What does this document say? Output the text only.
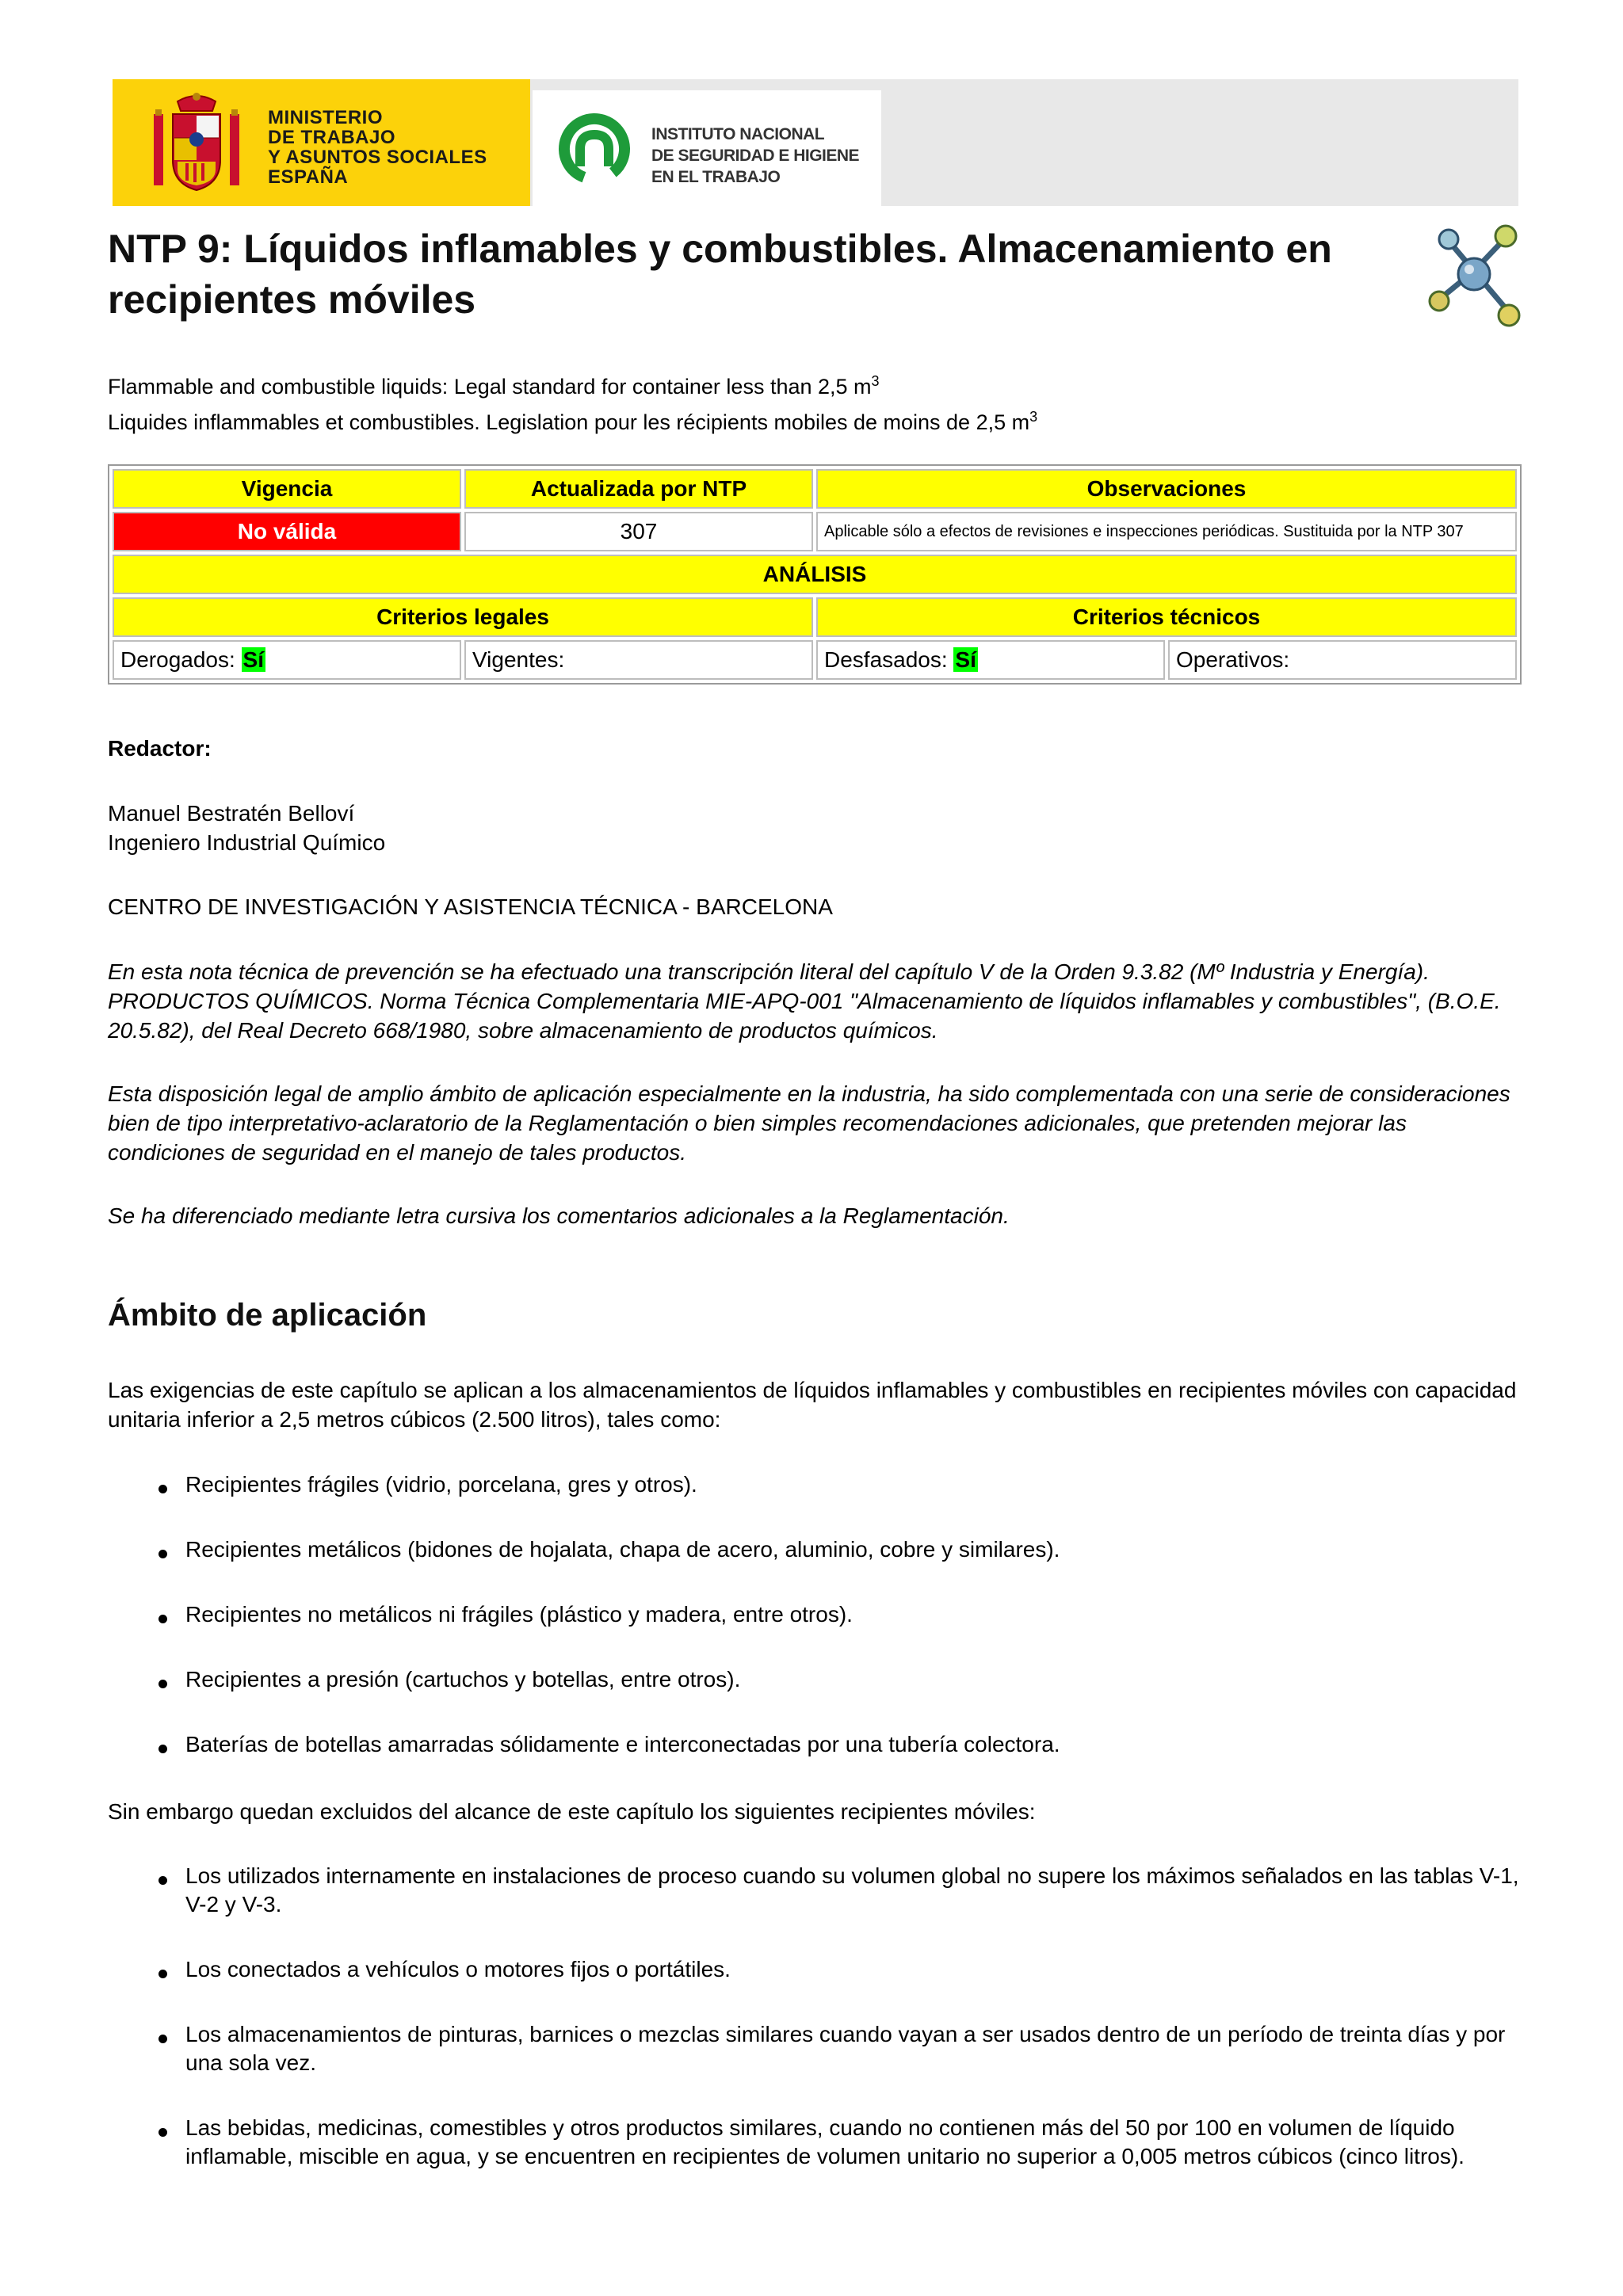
MINISTERIO
DE TRABAJO
Y ASUNTOS SOCIALES
ESPAÑA
INSTITUTO NACIONAL
DE SEGURIDAD E HIGIENE
EN EL TRABAJO
NTP 9: Líquidos inflamables y combustibles. Almacenamiento en recipientes móviles
Flammable and combustible liquids: Legal standard for container less than 2,5 $m^3$
Liquides inflammables et combustibles. Legislation pour les récipients mobiles de moins de 2,5 $m^3$
Vigencia	Actualizada por NTP	Observaciones	
No válida	307	Aplicable sólo a efectos de revisiones e inspecciones periódicas. Sustituida por la NTP 307	
ANÁLISIS			
Criterios legales		Criterios técnicos	
Derogados: Sí	Vigentes:	Desfasados: Sí	Operativos:

Redactor:

Manuel Bestratén Belloví
Ingeniero Industrial Químico

CENTRO DE INVESTIGACIÓN Y ASISTENCIA TÉCNICA - BARCELONA

En esta nota técnica de prevención se ha efectuado una transcripción literal del capítulo V de la Orden 9.3.82 (Mº Industria y Energía). PRODUCTOS QUÍMICOS. Norma Técnica Complementaria MIE-APQ-001 "Almacenamiento de líquidos inflamables y combustibles", (B.O.E. 20.5.82), del Real Decreto 668/1980, sobre almacenamiento de productos químicos.

Esta disposición legal de amplio ámbito de aplicación especialmente en la industria, ha sido complementada con una serie de consideraciones bien de tipo interpretativo-aclaratorio de la Reglamentación o bien simples recomendaciones adicionales, que pretenden mejorar las condiciones de seguridad en el manejo de tales productos.

Se ha diferenciado mediante letra cursiva los comentarios adicionales a la Reglamentación.

Ámbito de aplicación

Las exigencias de este capítulo se aplican a los almacenamientos de líquidos inflamables y combustibles en recipientes móviles con capacidad unitaria inferior a 2,5 metros cúbicos (2.500 litros), tales como:

Recipientes frágiles (vidrio, porcelana, gres y otros).
Recipientes metálicos (bidones de hojalata, chapa de acero, aluminio, cobre y similares).
Recipientes no metálicos ni frágiles (plástico y madera, entre otros).
Recipientes a presión (cartuchos y botellas, entre otros).
Baterías de botellas amarradas sólidamente e interconectadas por una tubería colectora.

Sin embargo quedan excluidos del alcance de este capítulo los siguientes recipientes móviles:

Los utilizados internamente en instalaciones de proceso cuando su volumen global no supere los máximos señalados en las tablas V-1, V-2 y V-3.
Los conectados a vehículos o motores fijos o portátiles.
Los almacenamientos de pinturas, barnices o mezclas similares cuando vayan a ser usados dentro de un período de treinta días y por una sola vez.
Las bebidas, medicinas, comestibles y otros productos similares, cuando no contienen más del 50 por 100 en volumen de líquido inflamable, miscible en agua, y se encuentren en recipientes de volumen unitario no superior a 0,005 metros cúbicos (cinco litros).
